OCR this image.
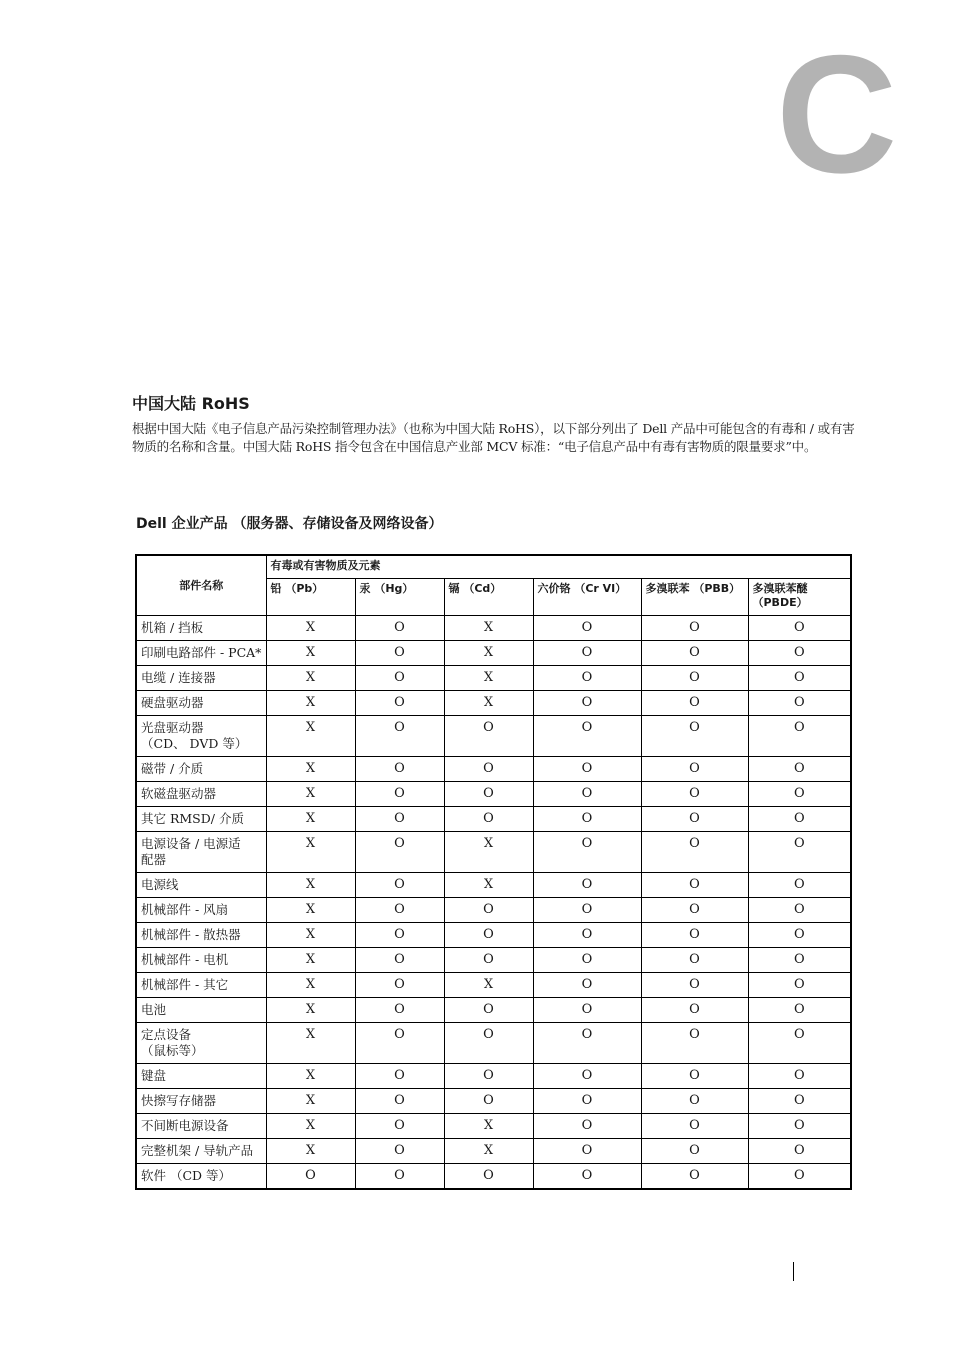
C
中国大陆 RoHS

根据中国大陆《电子信息产品污染控制管理办法》（也称为中国大陆 RoHS），以下部分列出了 Dell 产品中可能包含的有毒和 / 或有害物质的名称和含量。中国大陆 RoHS 指令包含在中国信息产业部 MCV 标准：“电子信息产品中有毒有害物质的限量要求”中。

Dell 企业产品 （服务器、存储设备及网络设备）
部件名称	有毒或有害物质及元素					
	铅 （Pb）	汞 （Hg）	镉 （Cd）	六价铬 （Cr VI）	多溴联苯 （PBB）	多溴联苯醚 （PBDE）
机箱 / 挡板	X	O	X	O	O	O
印刷电路部件 - PCA*	X	O	X	O	O	O
电缆 / 连接器	X	O	X	O	O	O
硬盘驱动器	X	O	X	O	O	O
光盘驱动器
（CD、 DVD 等）	X	O	O	O	O	O
磁带 / 介质	X	O	O	O	O	O
软磁盘驱动器	X	O	O	O	O	O
其它 RMSD/ 介质	X	O	O	O	O	O
电源设备 / 电源适
配器	X	O	X	O	O	O
电源线	X	O	X	O	O	O
机械部件 - 风扇	X	O	O	O	O	O
机械部件 - 散热器	X	O	O	O	O	O
机械部件 - 电机	X	O	O	O	O	O
机械部件 - 其它	X	O	X	O	O	O
电池	X	O	O	O	O	O
定点设备
（鼠标等）	X	O	O	O	O	O
键盘	X	O	O	O	O	O
快擦写存储器	X	O	O	O	O	O
不间断电源设备	X	O	X	O	O	O
完整机架 / 导轨产品	X	O	X	O	O	O
软件 （CD 等）	O	O	O	O	O	O
